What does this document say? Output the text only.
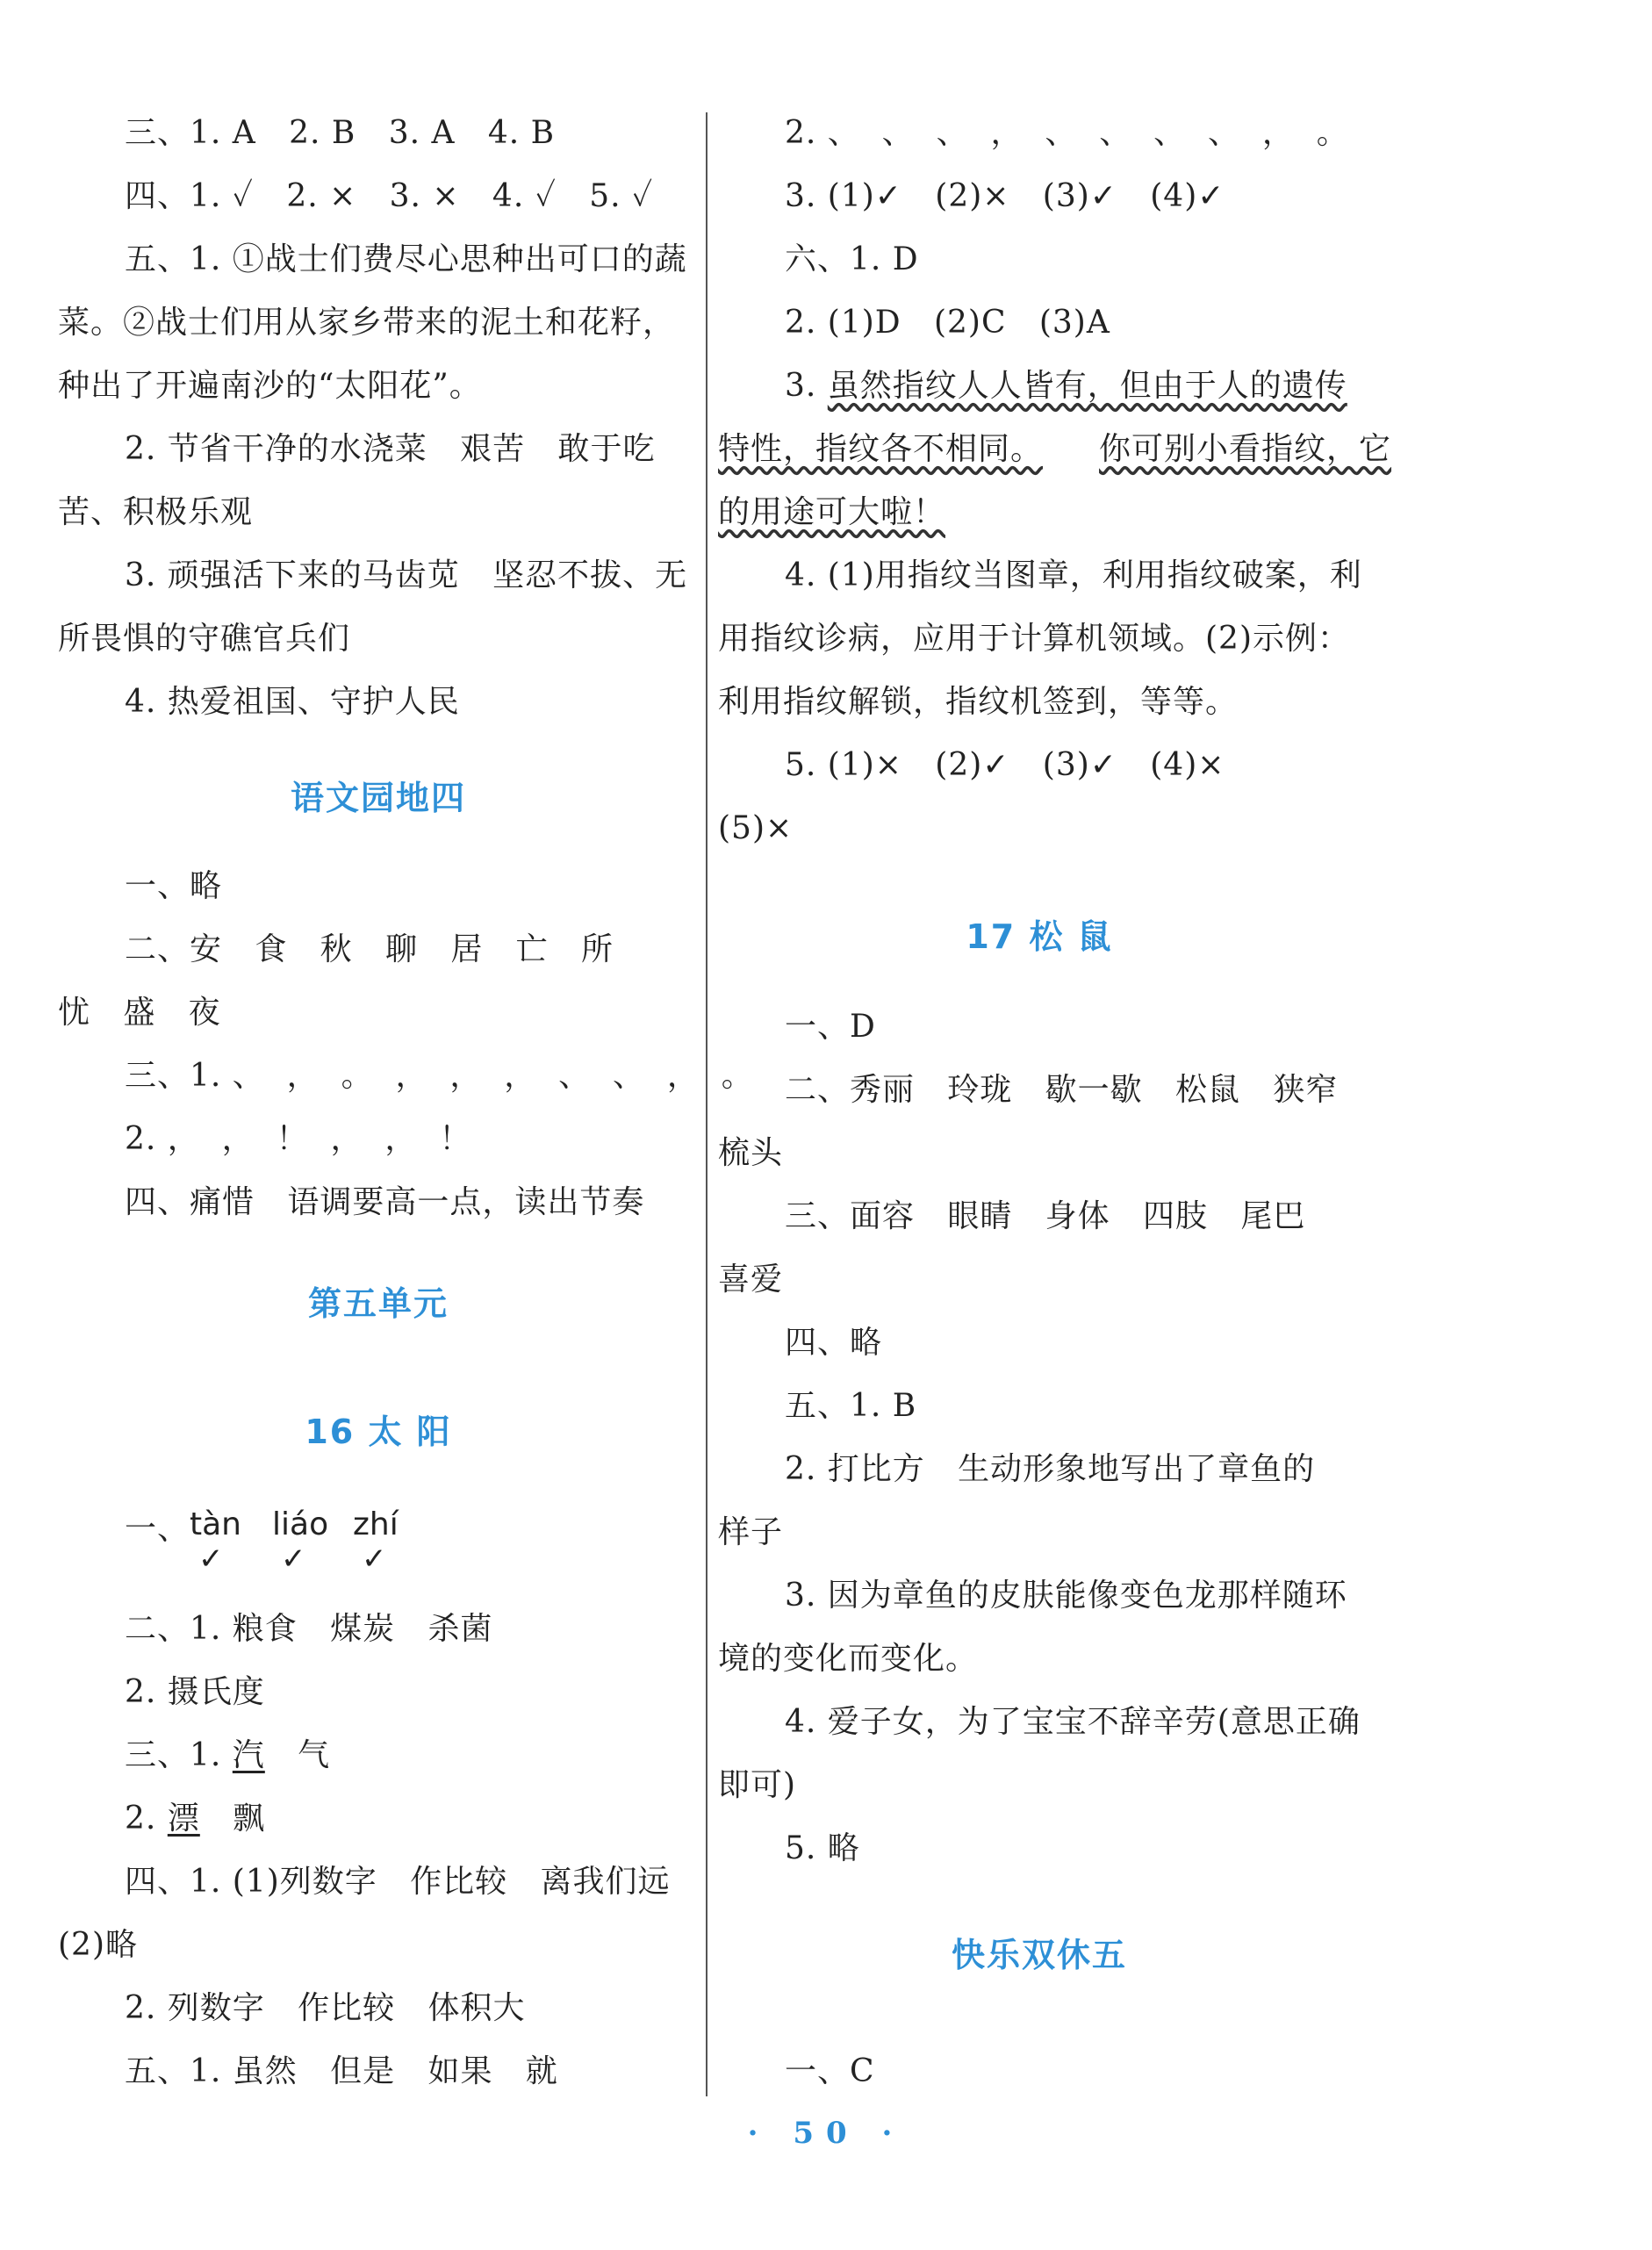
三、1. A   2. B   3. A   4. B
四、1. ✓   2. ×   3. ×   4. ✓   5. ✓
五、1. ①战士们费尽心思种出可口的蔬
菜。②战士们用从家乡带来的泥土和花籽，
种出了开遍南沙的“太阳花”。
2. 节省干净的水浇菜   艰苦   敢于吃
苦、积极乐观
3. 顽强活下来的马齿苋   坚忍不拔、无
所畏惧的守礁官兵们
4. 热爱祖国、守护人民
语文园地四
一、略
二、安   食   秋   聊   居   亡   所
忧   盛   夜
三、1. 、  ，  。  ，  ，  ，  、  、  ，  。
2. ，  ，  ！  ，  ，  ！
四、痛惜   语调要高一点，读出节奏
第五单元
16 太 阳
一、 tàn liáo zhí
✓ ✓ ✓
二、1. 粮食   煤炭   杀菌
2. 摄氏度
三、1. 汽   气
2. 漂   飘
四、1. (1)列数字   作比较   离我们远
(2)略
2. 列数字   作比较   体积大
五、1. 虽然   但是   如果   就
2. 、  、  、  ，  、  、  、  、  ，  。
3. (1)✓   (2)×   (3)✓   (4)✓
六、1. D
2. (1)D   (2)C   (3)A
3. 虽然指纹人人皆有，但由于人的遗传
特性，指纹各不相同。 你可别小看指纹，它
的用途可大啦！
4. (1)用指纹当图章，利用指纹破案，利
用指纹诊病，应用于计算机领域。(2)示例：
利用指纹解锁，指纹机签到，等等。
5. (1)×   (2)✓   (3)✓   (4)×
(5)×
17 松 鼠
一、D
二、秀丽   玲珑   歇一歇   松鼠   狭窄
梳头
三、面容   眼睛   身体   四肢   尾巴
喜爱
四、略
五、1. B
2. 打比方   生动形象地写出了章鱼的
样子
3. 因为章鱼的皮肤能像变色龙那样随环
境的变化而变化。
4. 爱子女，为了宝宝不辞辛劳(意思正确
即可)
5. 略
快乐双休五
一、C
· 50 ·
